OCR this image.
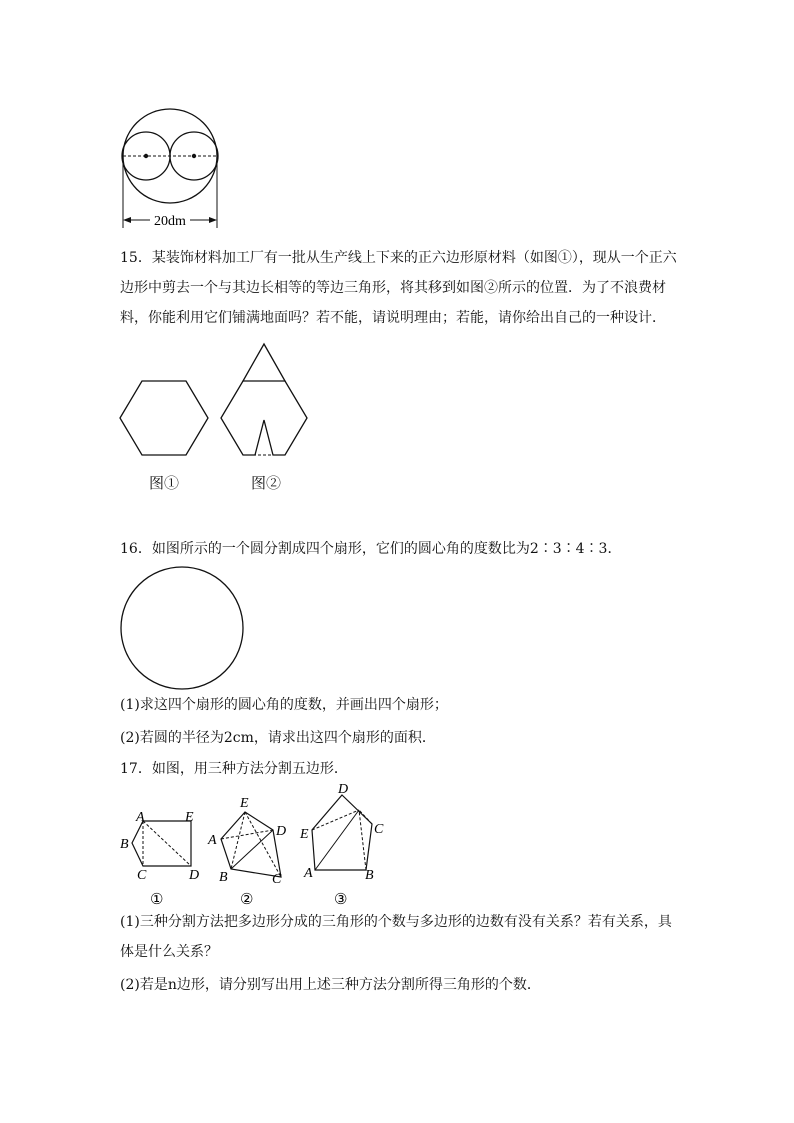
20dm

15．某装饰材料加工厂有一批从生产线上下来的正六边形原材料（如图①），现从一个正六边形中剪去一个与其边长相等的等边三角形，将其移到如图②所示的位置．为了不浪费材料，你能利用它们铺满地面吗？若不能，请说明理由；若能，请你给出自己的一种设计．

图①	图②

16．如图所示的一个圆分割成四个扇形，它们的圆心角的度数比为2∶3∶4∶3．

(1)求这四个扇形的圆心角的度数，并画出四个扇形；

(2)若圆的半径为2cm，请求出这四个扇形的面积．

17．如图，用三种方法分割五边形．

A	E
B
C	D
①
E
D
A
B	C
②
D
C
E
A	B
③

(1)三种分割方法把多边形分成的三角形的个数与多边形的边数有没有关系？若有关系，具体是什么关系？

(2)若是n边形，请分别写出用上述三种方法分割所得三角形的个数．
